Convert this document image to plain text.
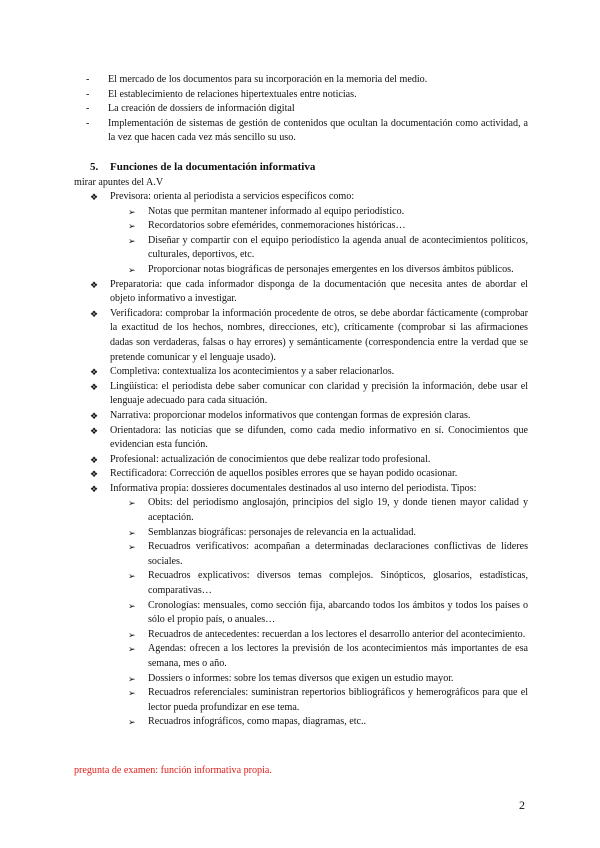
- El mercado de los documentos para su incorporación en la memoria del medio.
- El establecimiento de relaciones hipertextuales entre noticias.
- La creación de dossiers de información digital
- Implementación de sistemas de gestión de contenidos que ocultan la documentación como actividad, a la vez que hacen cada vez más sencillo su uso.
5. Funciones de la documentación informativa
mirar apuntes del A.V
❖ Previsora: orienta al periodista a servicios específicos como:
➢ Notas que permitan mantener informado al equipo periodístico.
➢ Recordatorios sobre efemérides, conmemoraciones históricas…
➢ Diseñar y compartir con el equipo periodístico la agenda anual de acontecimientos políticos, culturales, deportivos, etc.
➢ Proporcionar notas biográficas de personajes emergentes en los diversos ámbitos públicos.
❖ Preparatoria: que cada informador disponga de la documentación que necesita antes de abordar el objeto informativo a investigar.
❖ Verificadora: comprobar la información procedente de otros, se debe abordar fácticamente (comprobar la exactitud de los hechos, nombres, direcciones, etc), críticamente (comprobar si las afirmaciones dadas son verdaderas, falsas o hay errores) y semánticamente (correspondencia entre la verdad que se pretende comunicar y el lenguaje usado).
❖ Completiva: contextualiza los acontecimientos y a saber relacionarlos.
❖ Lingüística: el periodista debe saber comunicar con claridad y precisión la información, debe usar el lenguaje adecuado para cada situación.
❖ Narrativa: proporcionar modelos informativos que contengan formas de expresión claras.
❖ Orientadora: las noticias que se difunden, como cada medio informativo en sí. Conocimientos que evidencian esta función.
❖ Profesional: actualización de conocimientos que debe realizar todo profesional.
❖ Rectificadora: Corrección de aquellos posibles errores que se hayan podido ocasionar.
❖ Informativa propia: dossieres documentales destinados al uso interno del periodista. Tipos:
➢ Obits: del periodismo anglosajón, principios del siglo 19, y donde tienen mayor calidad y aceptación.
➢ Semblanzas biográficas: personajes de relevancia en la actualidad.
➢ Recuadros verificativos: acompañan a determinadas declaraciones conflictivas de líderes sociales.
➢ Recuadros explicativos: diversos temas complejos. Sinópticos, glosarios, estadísticas, comparativas…
➢ Cronologías: mensuales, como sección fija, abarcando todos los ámbitos y todos los países o sólo el propio país, o anuales…
➢ Recuadros de antecedentes: recuerdan a los lectores el desarrollo anterior del acontecimiento.
➢ Agendas: ofrecen a los lectores la previsión de los acontecimientos más importantes de esa semana, mes o año.
➢ Dossiers o informes: sobre los temas diversos que exigen un estudio mayor.
➢ Recuadros referenciales: suministran repertorios bibliográficos y hemerográficos para que el lector pueda profundizar en ese tema.
➢ Recuadros infográficos, como mapas, diagramas, etc..
pregunta de examen: función informativa propia.
2
